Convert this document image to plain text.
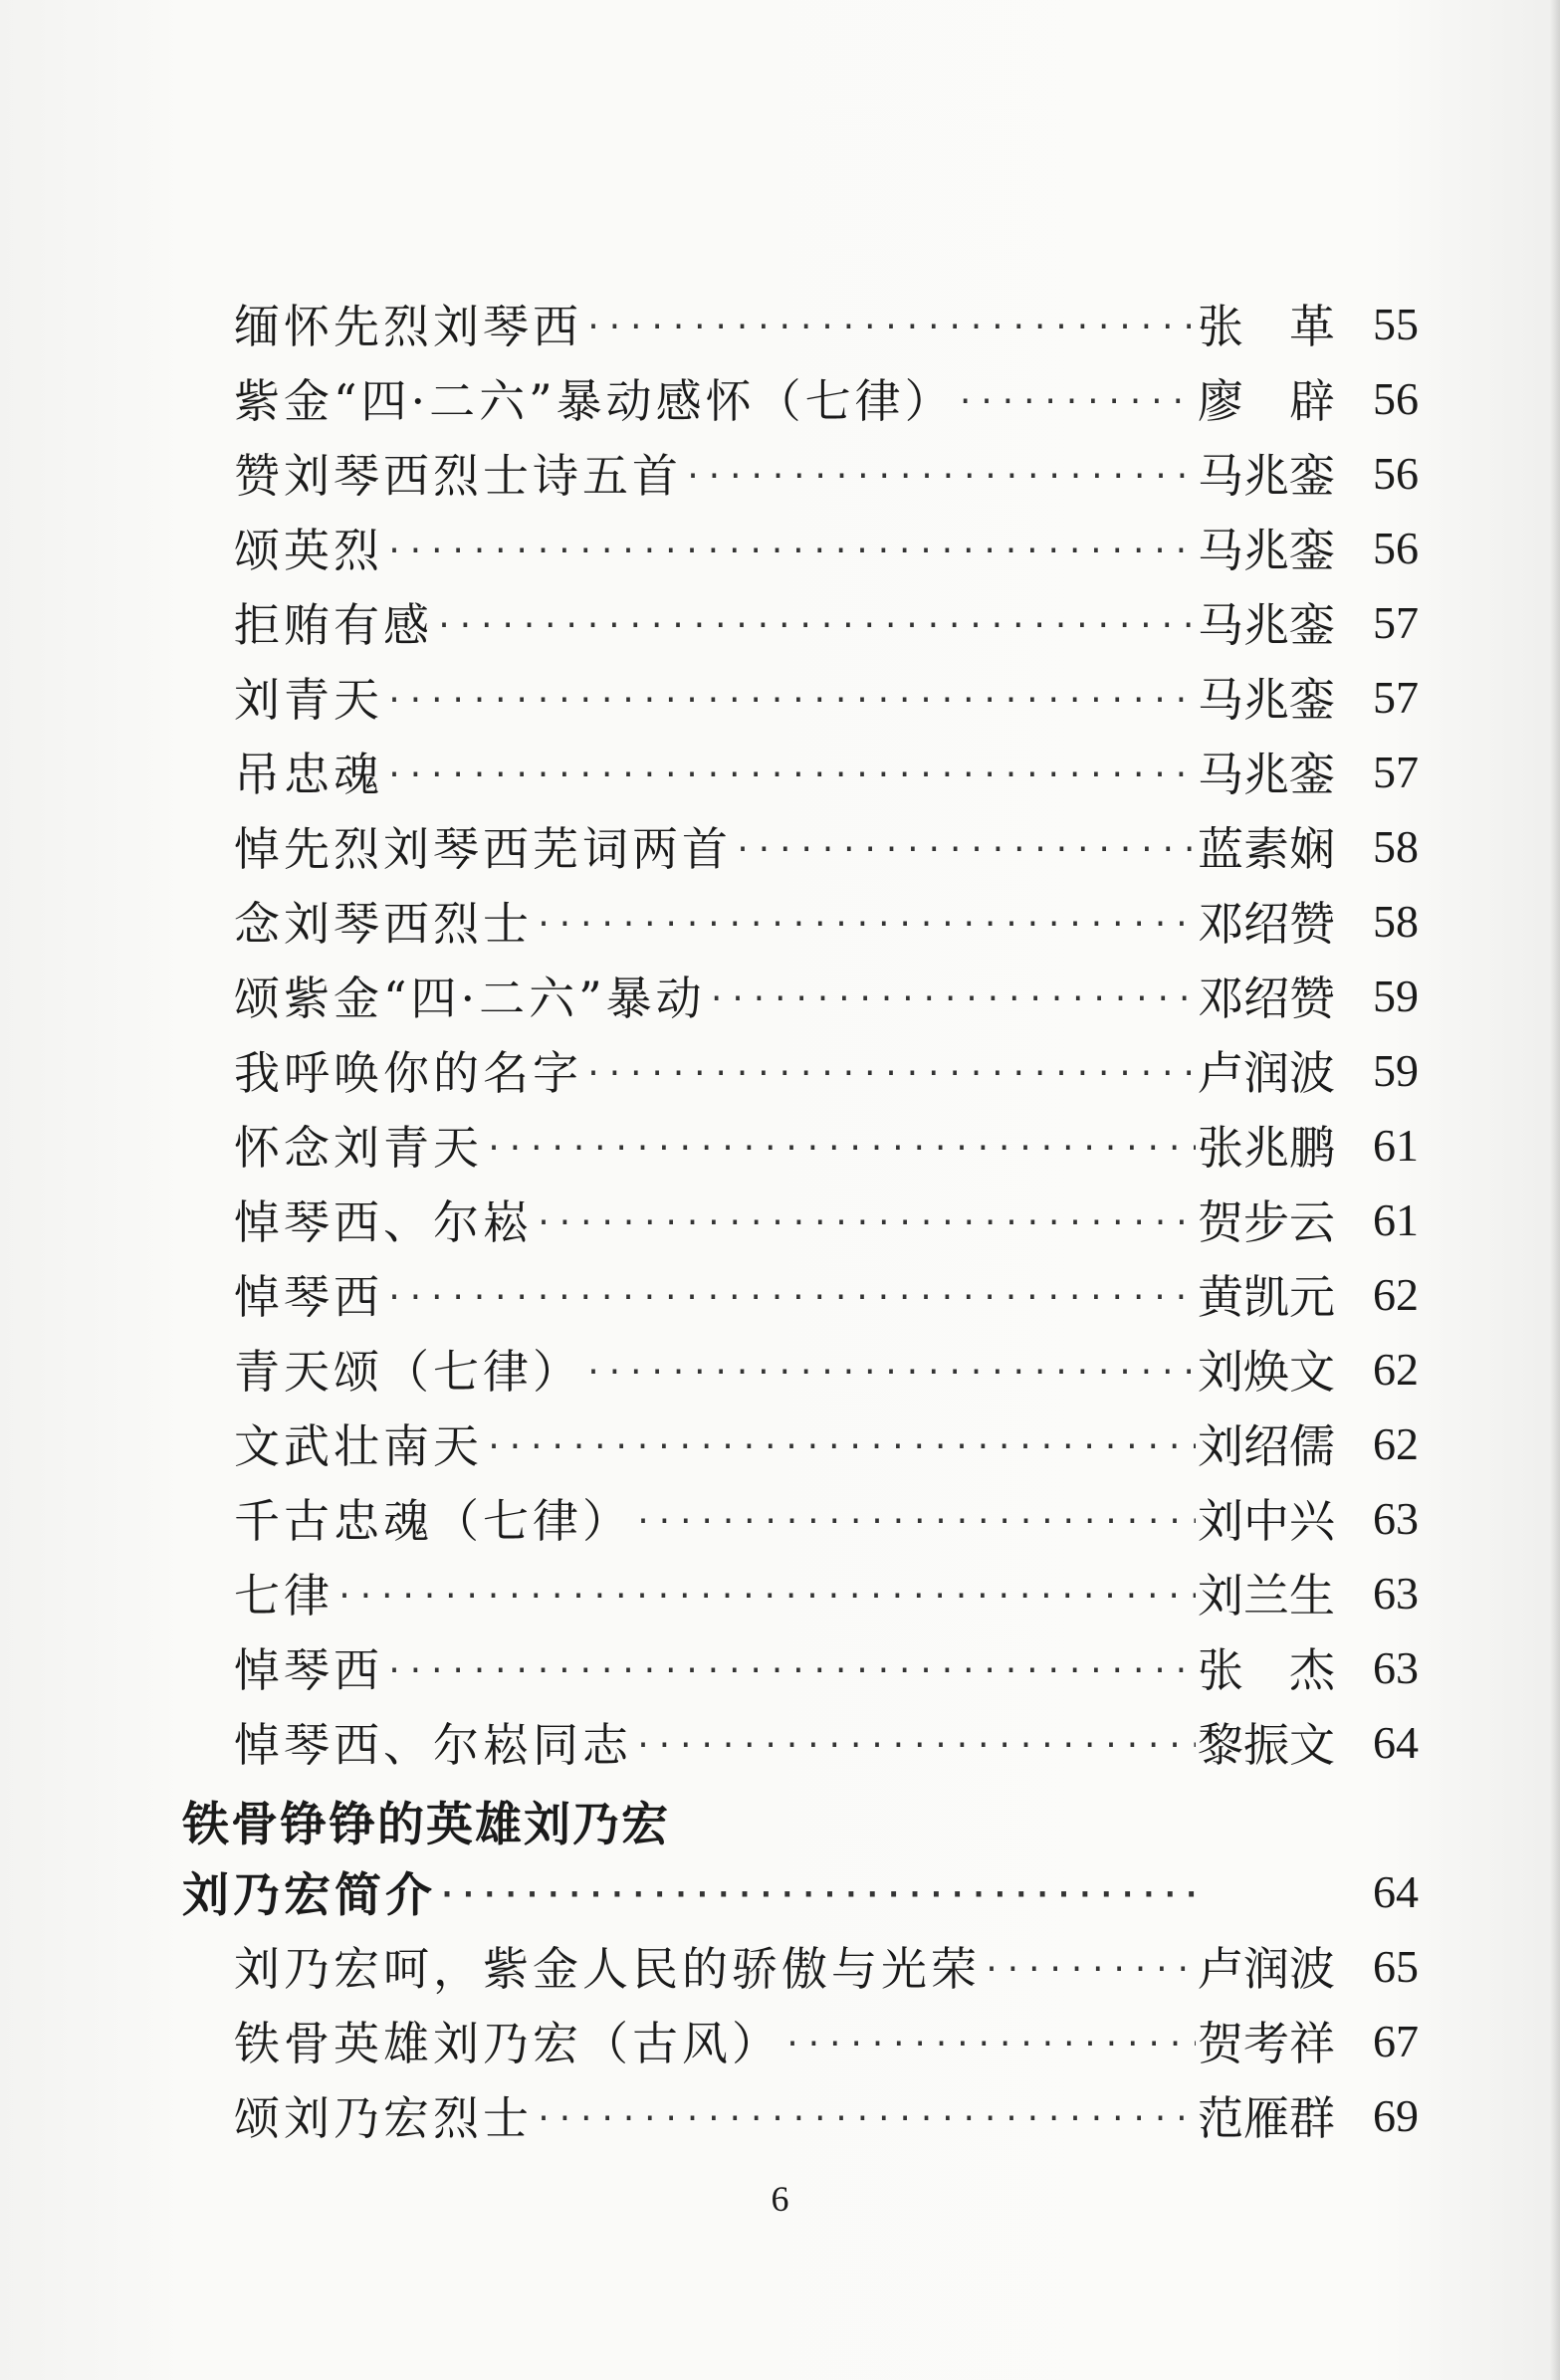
缅怀先烈刘琴西 ·····	张　革 55
紫金“四·二六”暴动感怀（七律） ·····	廖　辟 56
赞刘琴西烈士诗五首 ·····	马兆銮 56
颂英烈 ·····	马兆銮 56
拒贿有感 ·····	马兆銮 57
刘青天 ·····	马兆銮 57
吊忠魂 ·····	马兆銮 57
悼先烈刘琴西芜词两首 ·····	蓝素娴 58
念刘琴西烈士 ·····	邓绍赞 58
颂紫金“四·二六”暴动 ·····	邓绍赞 59
我呼唤你的名字 ·····	卢润波 59
怀念刘青天 ·····	张兆鹏 61
悼琴西、尔崧 ·····	贺步云 61
悼琴西 ·····	黄凯元 62
青天颂（七律） ·····	刘焕文 62
文武壮南天 ·····	刘绍儒 62
千古忠魂（七律） ·····	刘中兴 63
七律 ·····	刘兰生 63
悼琴西 ·····	张　杰 63
悼琴西、尔崧同志 ·····	黎振文 64
铁骨铮铮的英雄刘乃宏
刘乃宏简介 ·····	64
刘乃宏呵，紫金人民的骄傲与光荣 ·····	卢润波 65
铁骨英雄刘乃宏（古风） ·····	贺考祥 67
颂刘乃宏烈士 ·····	范雁群 69
6
